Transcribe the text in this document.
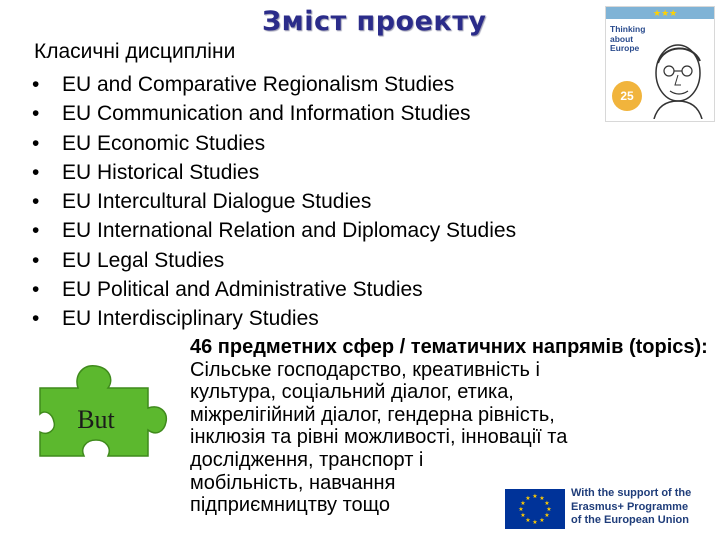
Зміст проекту

Класичні дисципліни

•	EU and Comparative Regionalism Studies
•	EU Communication and Information Studies
•	EU Economic Studies
•	EU Historical Studies
•	EU Intercultural Dialogue Studies
•	EU International Relation and Diplomacy Studies
•	EU Legal Studies
•	EU Political and Administrative Studies
•	EU Interdisciplinary Studies
But
46 предметних сфер / тематичних напрямів (topics):
Сільське господарство, креативність і
культура, соціальний діалог, етика,
міжрелігійний діалог, гендерна рівність,
інклюзія та рівні можливості, інновації та
дослідження, транспорт і
мобільність, навчання
підприємництву тощо
★★★
Thinking
about
Europe
25
★ ★
★
★
★
★
★
★
★
★
★
★	With the support of the
Erasmus+ Programme
of the European Union
